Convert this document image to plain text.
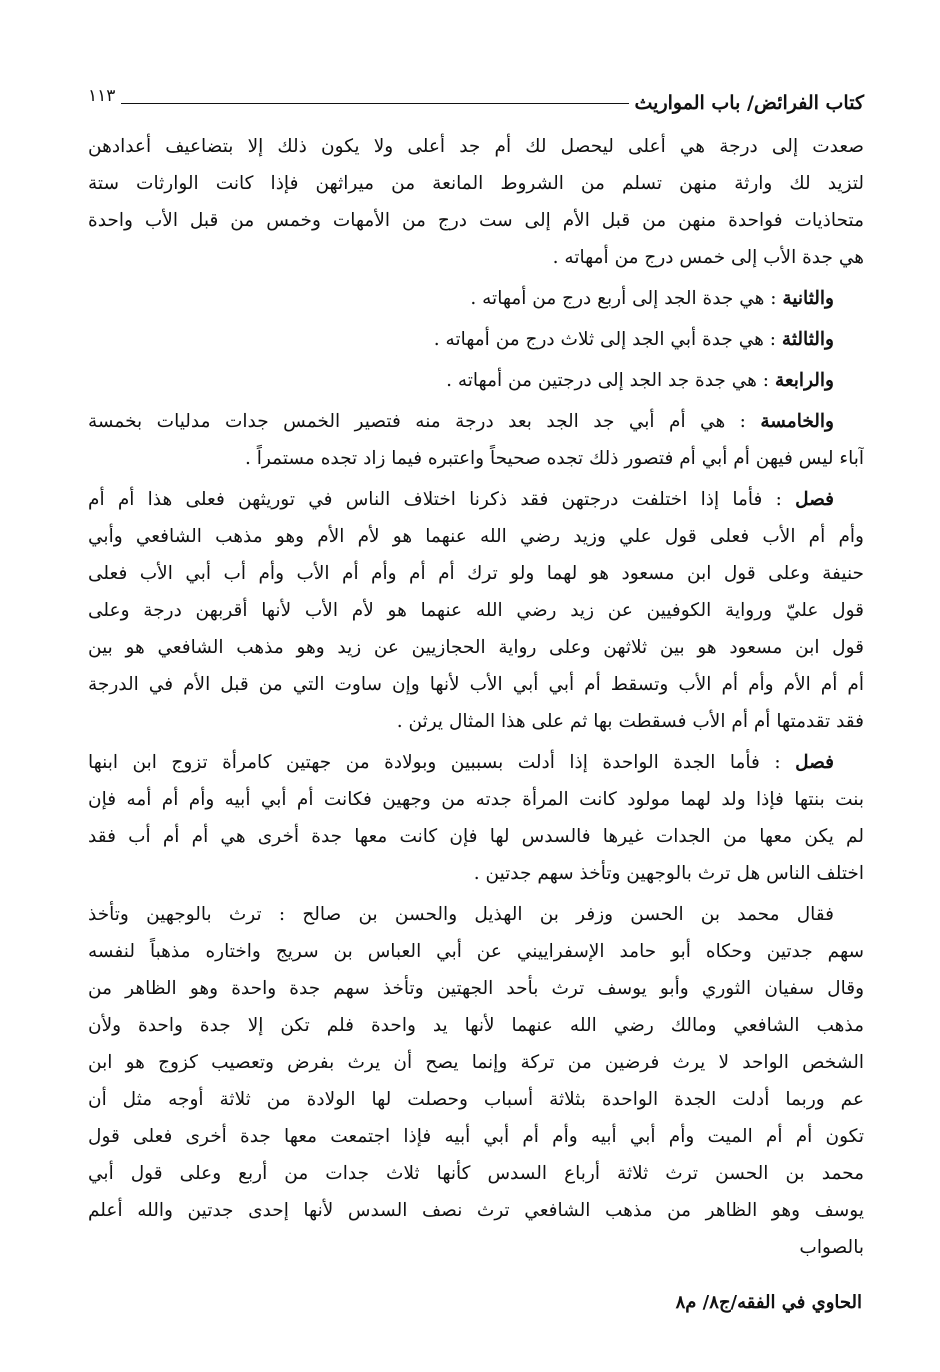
كتاب الفرائض/ باب المواريث
١١٣
صعدت إلى درجة هي أعلى ليحصل لك أم جد أعلى ولا يكون ذلك إلا بتضاعيف أعدادهن
لتزيد لك وارثة منهن تسلم من الشروط المانعة من ميراثهن فإذا كانت الوارثات ستة
متحاذيات فواحدة منهن من قبل الأم إلى ست درج من الأمهات وخمس من قبل الأب واحدة
هي جدة الأب إلى خمس درج من أمهاته .
والثانية : هي جدة الجد إلى أربع درج من أمهاته .
والثالثة : هي جدة أبي الجد إلى ثلاث درج من أمهاته .
والرابعة : هي جدة جد الجد إلى درجتين من أمهاته .
والخامسة : هي أم أبي جد الجد بعد درجة منه فتصير الخمس جدات مدليات بخمسة
آباء ليس فيهن أم أبي أم فتصور ذلك تجده صحيحاً واعتبره فيما زاد تجده مستمراً .
فصل : فأما إذا اختلفت درجتهن فقد ذكرنا اختلاف الناس في توريثهن فعلى هذا أم أم
وأم أم الأب فعلى قول علي وزيد رضي الله عنهما هو لأم الأم وهو مذهب الشافعي وأبي
حنيفة وعلى قول ابن مسعود هو لهما ولو ترك أم أم وأم أم الأب وأم أب أبي الأب فعلى
قول عليّ ورواية الكوفيين عن زيد رضي الله عنهما هو لأم الأب لأنها أقربهن درجة وعلى
قول ابن مسعود هو بين ثلاثهن وعلى رواية الحجازيين عن زيد وهو مذهب الشافعي هو بين
أم أم الأم وأم أم الأب وتسقط أم أبي أبي الأب لأنها وإن ساوت التي من قبل الأم في الدرجة
فقد تقدمتها أم أم الأب فسقطت بها ثم على هذا المثال يرثن .
فصل : فأما الجدة الواحدة إذا أدلت بسببين وبولادة من جهتين كامرأة تزوج ابن ابنها
بنت بنتها فإذا ولد لهما مولود كانت المرأة جدته من وجهين فكانت أم أبي أبيه وأم أم أمه فإن
لم يكن معها من الجدات غيرها فالسدس لها فإن كانت معها جدة أخرى هي أم أم أب فقد
اختلف الناس هل ترث بالوجهين وتأخذ سهم جدتين .
فقال محمد بن الحسن وزفر بن الهذيل والحسن بن صالح : ترث بالوجهين وتأخذ
سهم جدتين وحكاه أبو حامد الإسفراييني عن أبي العباس بن سريج واختاره مذهباً لنفسه
وقال سفيان الثوري وأبو يوسف ترث بأحد الجهتين وتأخذ سهم جدة واحدة وهو الظاهر من
مذهب الشافعي ومالك رضي الله عنهما لأنها يد واحدة فلم تكن إلا جدة واحدة ولأن
الشخص الواحد لا يرث فرضين من تركة وإنما يصح أن يرث بفرض وتعصيب كزوج هو ابن
عم وربما أدلت الجدة الواحدة بثلاثة أسباب وحصلت لها الولادة من ثلاثة أوجه مثل أن
تكون أم أم الميت وأم أبي أبيه وأم أم أبي أبيه فإذا اجتمعت معها جدة أخرى فعلى قول
محمد بن الحسن ترث ثلاثة أرباع السدس كأنها ثلاث جدات من أربع وعلى قول أبي
يوسف وهو الظاهر من مذهب الشافعي ترث نصف السدس لأنها إحدى جدتين والله أعلم
بالصواب
الحاوي في الفقه/ج٨/ م٨
